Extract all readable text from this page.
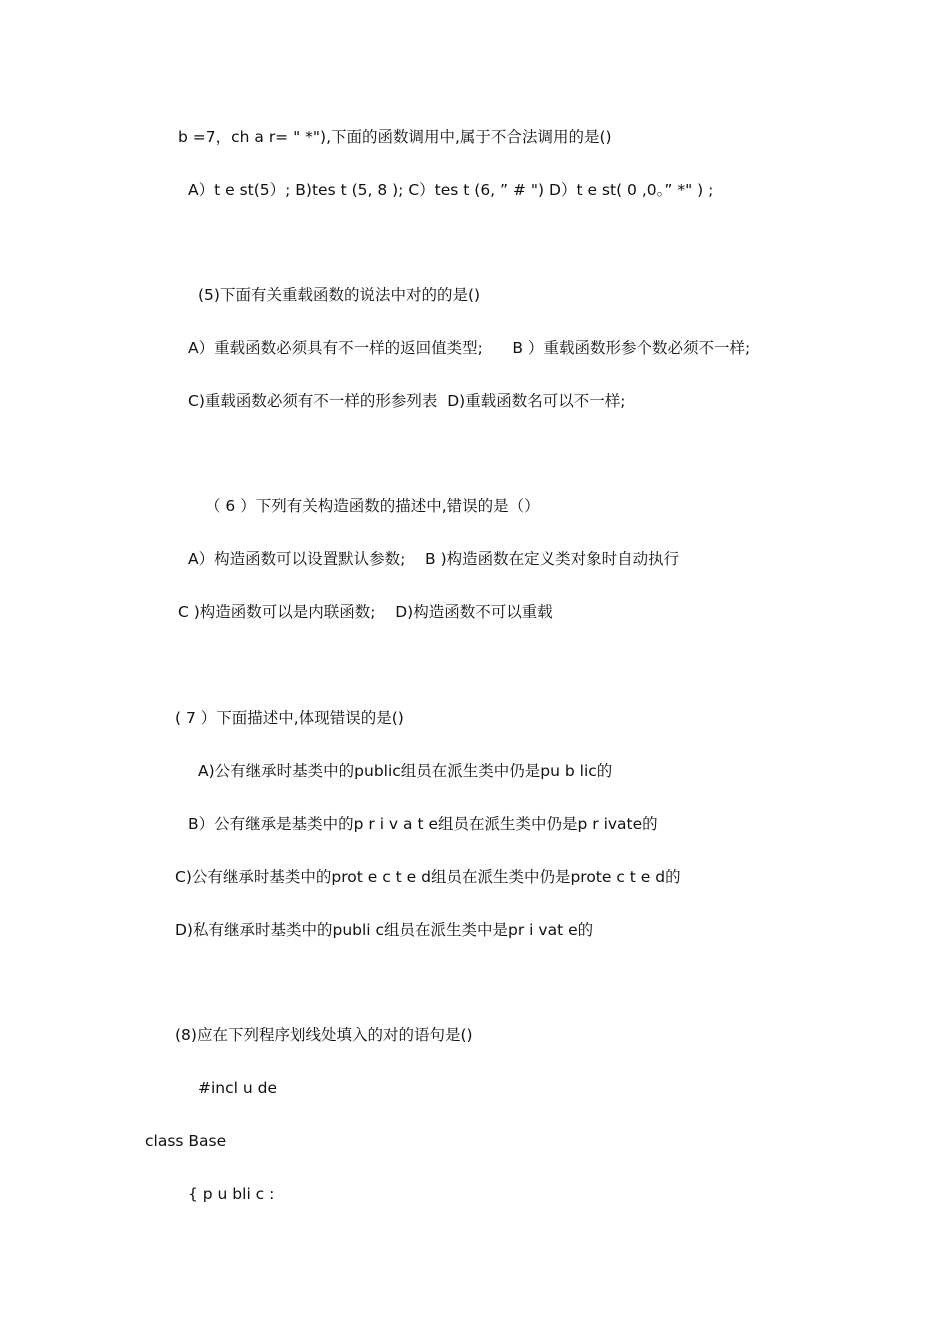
b =7，ch a r= " *"),下面的函数调用中,属于不合法调用的是()
A）t e st(5）; B)tes t (5, 8 ); C）tes t (6, ” # ") D）t e st( 0 ,0。” *" ) ;
(5)下面有关重载函数的说法中对的的是()
A）重载函数必须具有不一样的返回值类型;      B ）重载函数形参个数必须不一样;
C)重载函数必须有不一样的形参列表  D)重载函数名可以不一样;
（ 6 ）下列有关构造函数的描述中,错误的是（）
A）构造函数可以设置默认参数;    B )构造函数在定义类对象时自动执行
C )构造函数可以是内联函数;    D)构造函数不可以重载
( 7 ）下面描述中,体现错误的是()
A)公有继承时基类中的public组员在派生类中仍是pu b lic的
B）公有继承是基类中的p r i v a t e组员在派生类中仍是p r ivate的
C)公有继承时基类中的prot e c t e d组员在派生类中仍是prote c t e d的
D)私有继承时基类中的publi c组员在派生类中是pr i vat e的
(8)应在下列程序划线处填入的对的语句是()
#incl u de
class Base
{ p u bli c :
